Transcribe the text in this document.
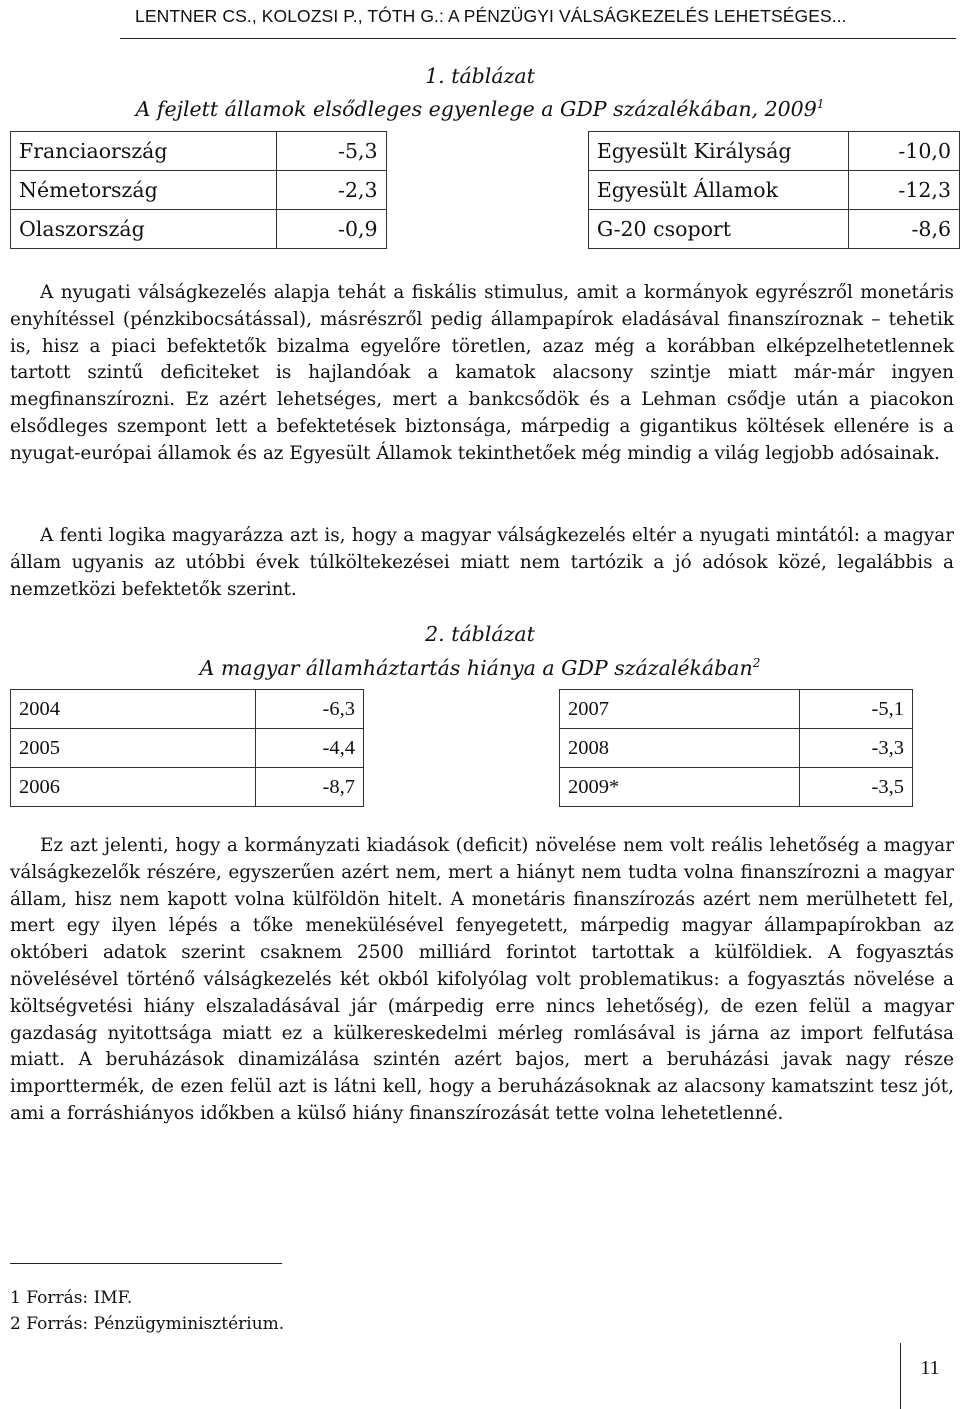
LENTNER CS., KOLOZSI P., TÓTH G.: A PÉNZÜGYI VÁLSÁGKEZELÉS LEHETSÉGES...
1. táblázat
A fejlett államok elsődleges egyenlege a GDP százalékában, 2009$^1$
Franciaország	-5,3		Egyesült Királyság	-10,0
Németország	-2,3		Egyesült Államok	-12,3
Olaszország	-0,9		G-20 csoport	-8,6

A nyugati válságkezelés alapja tehát a fiskális stimulus, amit a kormányok egyrészről monetáris enyhítéssel (pénzkibocsátással), másrészről pedig állampapírok eladásával finanszíroznak – tehetik is, hisz a piaci befektetők bizalma egyelőre töretlen, azaz még a korábban elképzelhetetlennek tartott szintű deficiteket is hajlandóak a kamatok alacsony szintje miatt már-már ingyen megfinanszírozni. Ez azért lehetséges, mert a bankcsődök és a Lehman csődje után a piacokon elsődleges szempont lett a befektetések biztonsága, márpedig a gigantikus költések ellenére is a nyugat-európai államok és az Egyesült Államok tekinthetőek még mindig a világ legjobb adósainak.

A fenti logika magyarázza azt is, hogy a magyar válságkezelés eltér a nyugati mintától: a magyar állam ugyanis az utóbbi évek túlköltekezései miatt nem tartózik a jó adósok közé, legalábbis a nemzetközi befektetők szerint.

2. táblázat
A magyar államháztartás hiánya a GDP százalékában$^2$
2004	-6,3
2005	-4,4
2006	-8,7
2007	-5,1
2008	-3,3
2009*	-3,5

Ez azt jelenti, hogy a kormányzati kiadások (deficit) növelése nem volt reális lehetőség a magyar válságkezelők részére, egyszerűen azért nem, mert a hiányt nem tudta volna finanszírozni a magyar állam, hisz nem kapott volna külföldön hitelt. A monetáris finanszírozás azért nem merülhetett fel, mert egy ilyen lépés a tőke menekülésével fenyegetett, márpedig magyar állampapírokban az októberi adatok szerint csaknem 2500 milliárd forintot tartottak a külföldiek. A fogyasztás növelésével történő válságkezelés két okból kifolyólag volt problematikus: a fogyasztás növelése a költségvetési hiány elszaladásával jár (márpedig erre nincs lehetőség), de ezen felül a magyar gazdaság nyitottsága miatt ez a külkereskedelmi mérleg romlásával is járna az import felfutása miatt. A beruházások dinamizálása szintén azért bajos, mert a beruházási javak nagy része importtermék, de ezen felül azt is látni kell, hogy a beruházásoknak az alacsony kamatszint tesz jót, ami a forráshiányos időkben a külső hiány finanszírozását tette volna lehetetlenné.

1 Forrás: IMF.
2 Forrás: Pénzügyminisztérium.
11
